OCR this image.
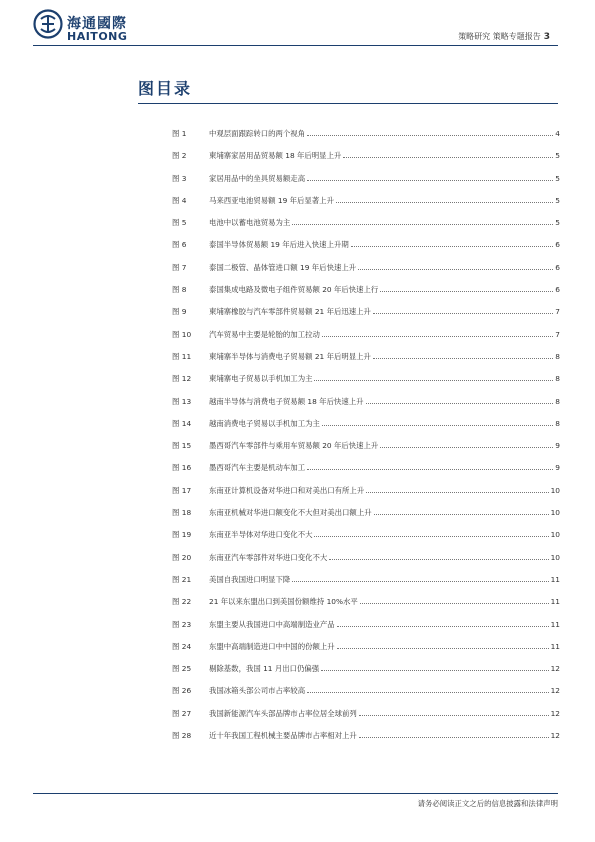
海通國際
HAITONG	策略研究 策略专题报告 3
图目录
图 1	中观层面跟踪转口的两个视角	4
图 2	柬埔寨家居用品贸易额 18 年后明显上升	5
图 3	家居用品中的坐具贸易额走高	5
图 4	马来西亚电池贸易额 19 年后显著上升	5
图 5	电池中以蓄电池贸易为主	5
图 6	泰国半导体贸易额 19 年后进入快速上升期	6
图 7	泰国二极管、晶体管进口额 19 年后快速上升	6
图 8	泰国集成电路及微电子组件贸易额 20 年后快速上行	6
图 9	柬埔寨橡胶与汽车零部件贸易额 21 年后迅速上升	7
图 10	汽车贸易中主要是轮胎的加工拉动	7
图 11	柬埔寨半导体与消费电子贸易额 21 年后明显上升	8
图 12	柬埔寨电子贸易以手机加工为主	8
图 13	越南半导体与消费电子贸易额 18 年后快速上升	8
图 14	越南消费电子贸易以手机加工为主	8
图 15	墨西哥汽车零部件与乘用车贸易额 20 年后快速上升	9
图 16	墨西哥汽车主要是机动车加工	9
图 17	东南亚计算机设备对华进口和对美出口有所上升	10
图 18	东南亚机械对华进口额变化不大但对美出口额上升	10
图 19	东南亚半导体对华进口变化不大	10
图 20	东南亚汽车零部件对华进口变化不大	10
图 21	美国自我国进口明显下降	11
图 22	21 年以来东盟出口到美国份额维持 10%水平	11
图 23	东盟主要从我国进口中高端制造业产品	11
图 24	东盟中高端制造进口中中国的份额上升	11
图 25	剔除基数，我国 11 月出口仍偏强	12
图 26	我国冰箱头部公司市占率较高	12
图 27	我国新能源汽车头部品牌市占率位居全球前列	12
图 28	近十年我国工程机械主要品牌市占率相对上升	12
请务必阅读正文之后的信息披露和法律声明
